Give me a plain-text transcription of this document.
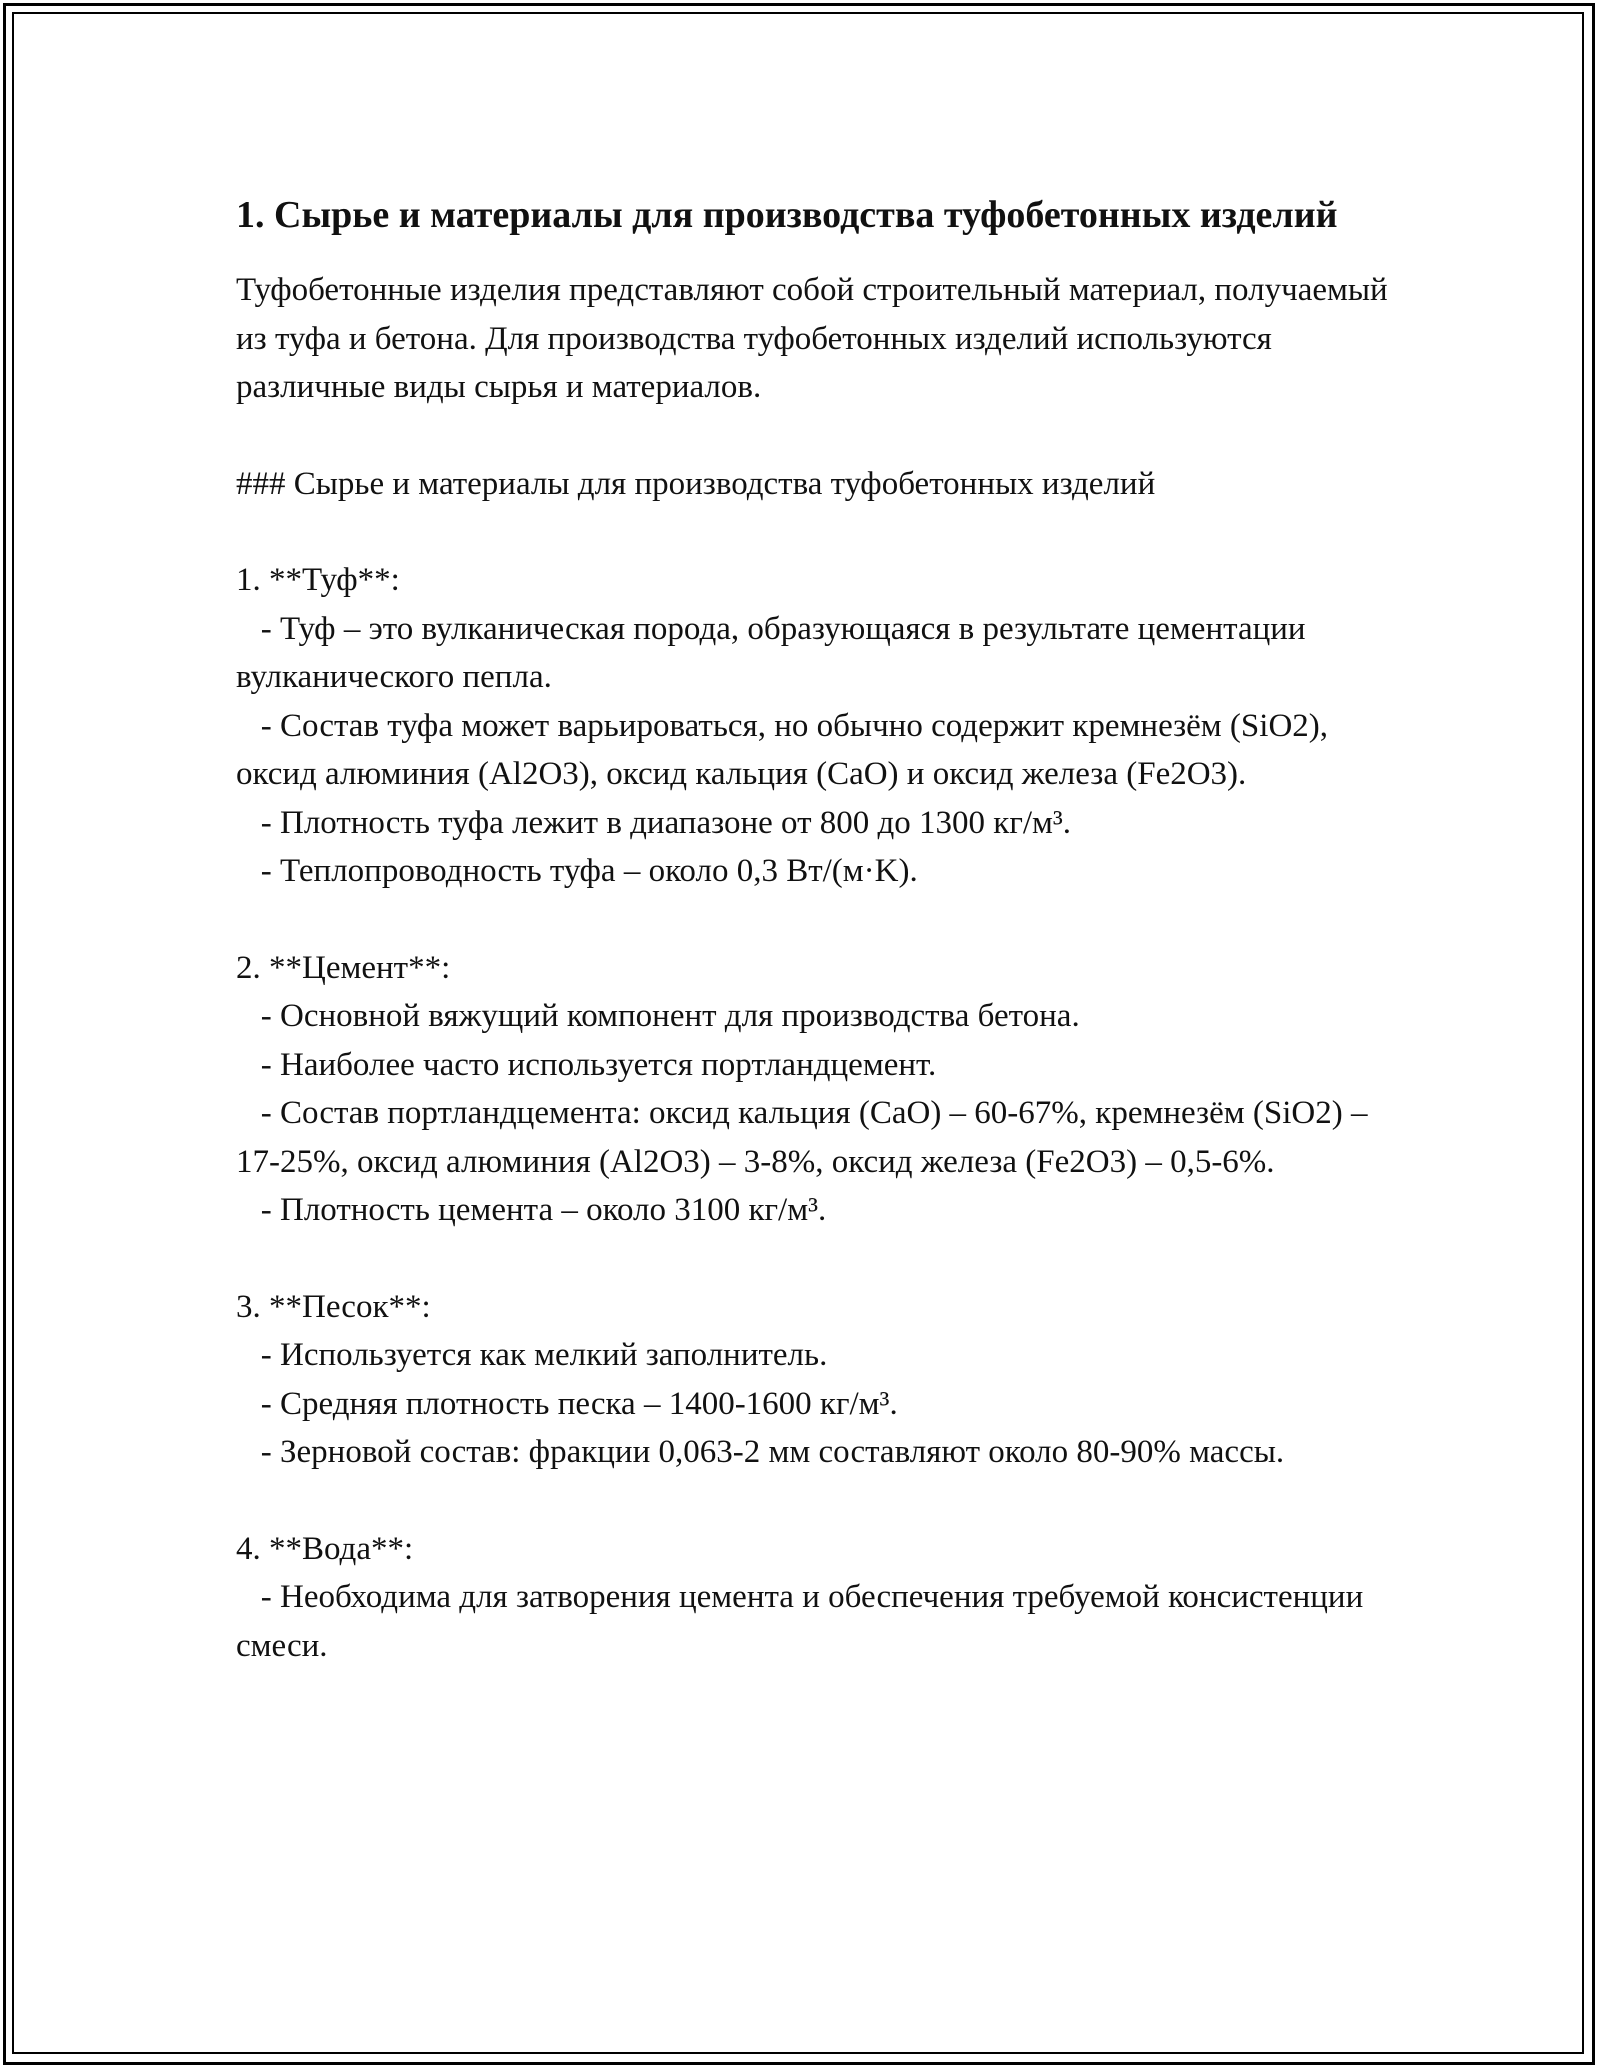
1. Сырье и материалы для производства туфобетонных изделий

Туфобетонные изделия представляют собой строительный материал, получаемый из туфа и бетона. Для производства туфобетонных изделий используются различные виды сырья и материалов.

### Сырье и материалы для производства туфобетонных изделий

1. **Туф**:

- Туф – это вулканическая порода, образующаяся в результате цементации вулканического пепла.

- Состав туфа может варьироваться, но обычно содержит кремнезём (SiO2), оксид алюминия (Al2O3), оксид кальция (CaO) и оксид железа (Fe2O3).

- Плотность туфа лежит в диапазоне от 800 до 1300 кг/м³.

- Теплопроводность туфа – около 0,3 Вт/(м·K).

2. **Цемент**:

- Основной вяжущий компонент для производства бетона.

- Наиболее часто используется портландцемент.

- Состав портландцемента: оксид кальция (CaO) – 60-67%, кремнезём (SiO2) – 17-25%, оксид алюминия (Al2O3) – 3-8%, оксид железа (Fe2O3) – 0,5-6%.

- Плотность цемента – около 3100 кг/м³.

3. **Песок**:

- Используется как мелкий заполнитель.

- Средняя плотность песка – 1400-1600 кг/м³.

- Зерновой состав: фракции 0,063-2 мм составляют около 80-90% массы.

4. **Вода**:

- Необходима для затворения цемента и обеспечения требуемой консистенции смеси.
